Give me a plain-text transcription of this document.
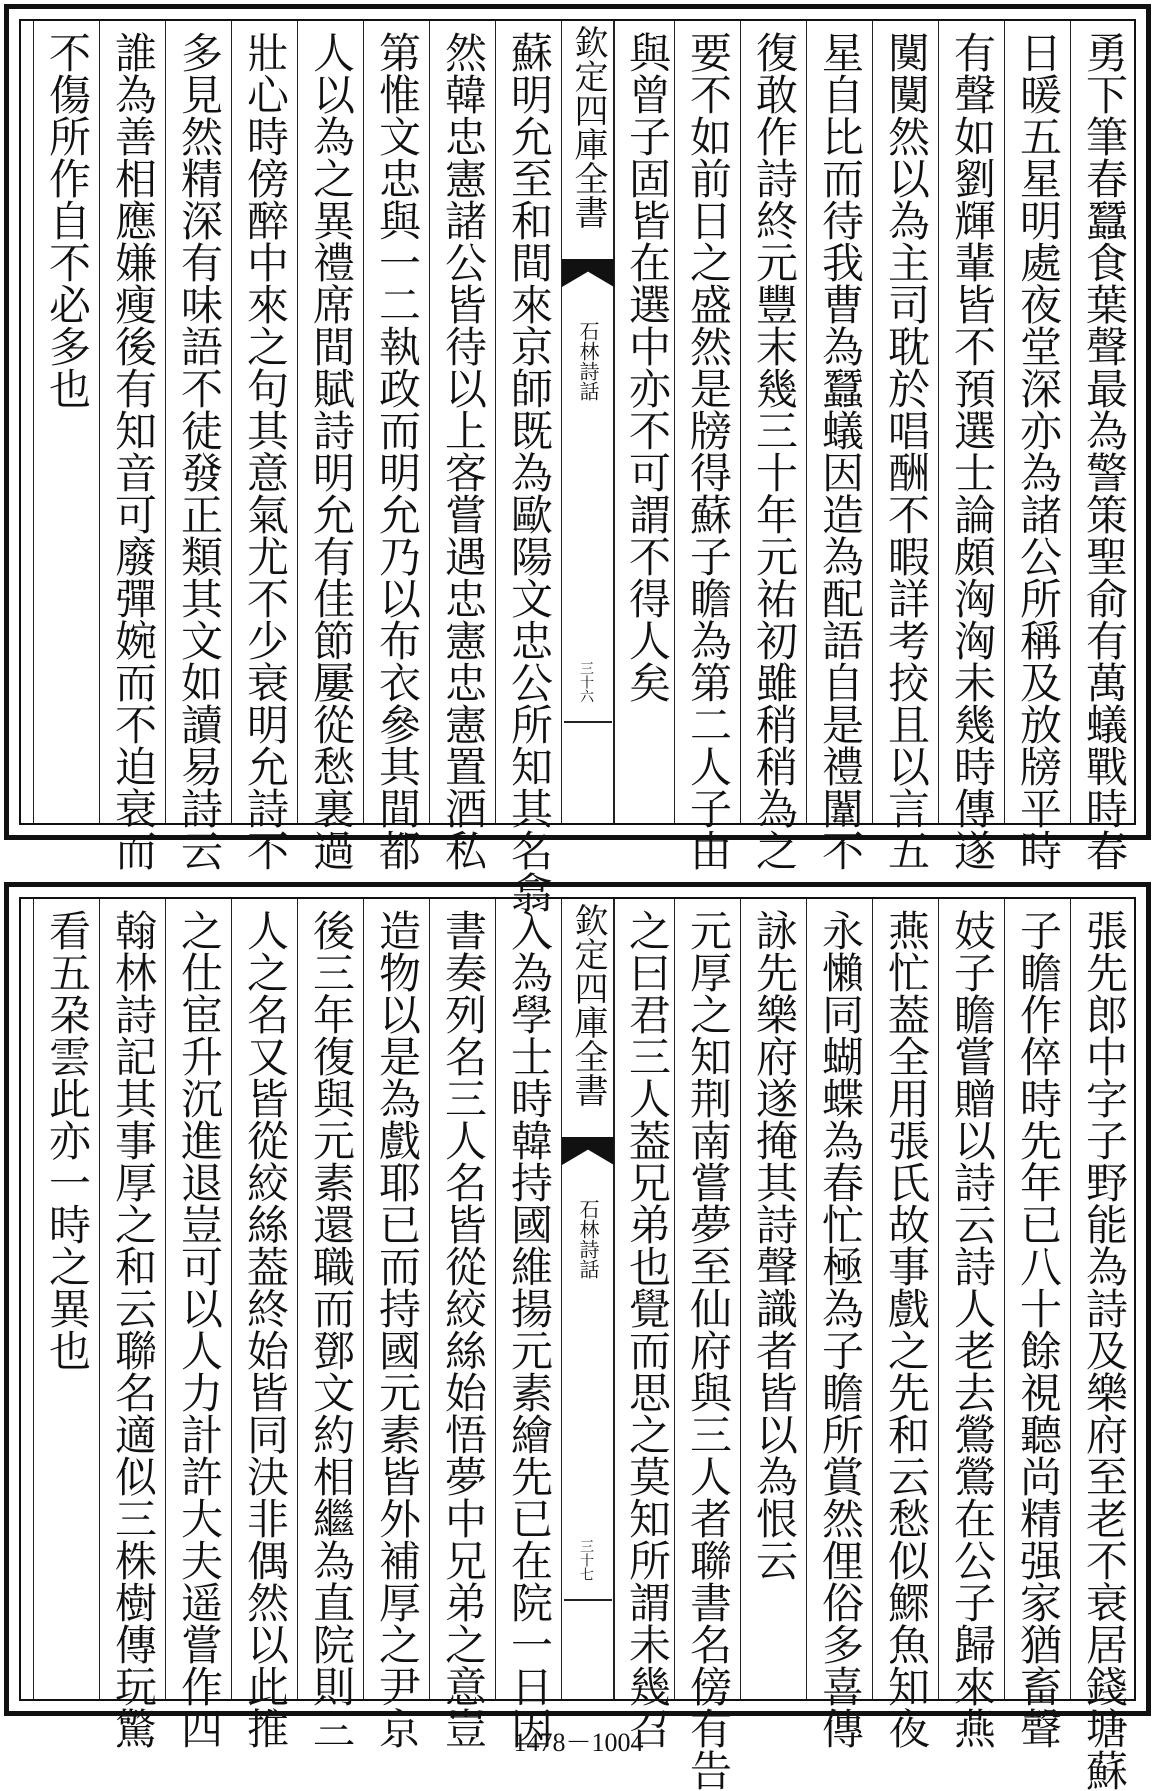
勇下筆春蠶食葉聲最為警策聖俞有萬蟻戰時春
日暖五星明處夜堂深亦為諸公所稱及放牓平時
有聲如劉輝輩皆不預選士論頗洶洶未幾時傳遂
闃闃然以為主司耽於唱酬不暇詳考挍且以言五
星自比而待我曹為蠶蟻因造為配語自是禮闈不
復敢作詩終元豐末幾三十年元祐初雖稍稍為之
要不如前日之盛然是牓得蘇子瞻為第二人子由
與曾子固皆在選中亦不可謂不得人矣
欽定四庫全書
石林詩話
三十六
蘇明允至和間來京師既為歐陽文忠公所知其名翕
然韓忠憲諸公皆待以上客嘗遇忠憲忠憲置酒私
第惟文忠與一二執政而明允乃以布衣參其間都
人以為之異禮席間賦詩明允有佳節屢從愁裏過
壯心時傍醉中來之句其意氣尤不少衰明允詩不
多見然精深有味語不徒發正類其文如讀易詩云
誰為善相應嫌瘦後有知音可廢彈婉而不迫衰而
不傷所作自不必多也
張先郎中字子野能為詩及樂府至老不衰居錢塘蘇
子瞻作倅時先年已八十餘視聽尚精强家猶畜聲
妓子瞻嘗贈以詩云詩人老去鶯鶯在公子歸來燕
燕忙葢全用張氏故事戲之先和云愁似鰥魚知夜
永懶同蝴蝶為春忙極為子瞻所賞然俚俗多喜傳
詠先樂府遂掩其詩聲識者皆以為恨云
元厚之知荆南嘗夢至仙府與三人者聯書名傍有告
之曰君三人葢兄弟也覺而思之莫知所謂未幾召
欽定四庫全書
石林詩話
三十七
入為學士時韓持國維揚元素繪先已在院一日因
書奏列名三人名皆從絞絲始悟夢中兄弟之意豈
造物以是為戲耶已而持國元素皆外補厚之尹京
後三年復與元素還職而鄧文約相繼為直院則三
人之名又皆從絞絲葢終始皆同決非偶然以此推
之仕宦升沉進退豈可以人力計許大夫遥嘗作四
翰林詩記其事厚之和云聯名適似三株樹傳玩驚
看五朶雲此亦一時之異也
1478－1004
